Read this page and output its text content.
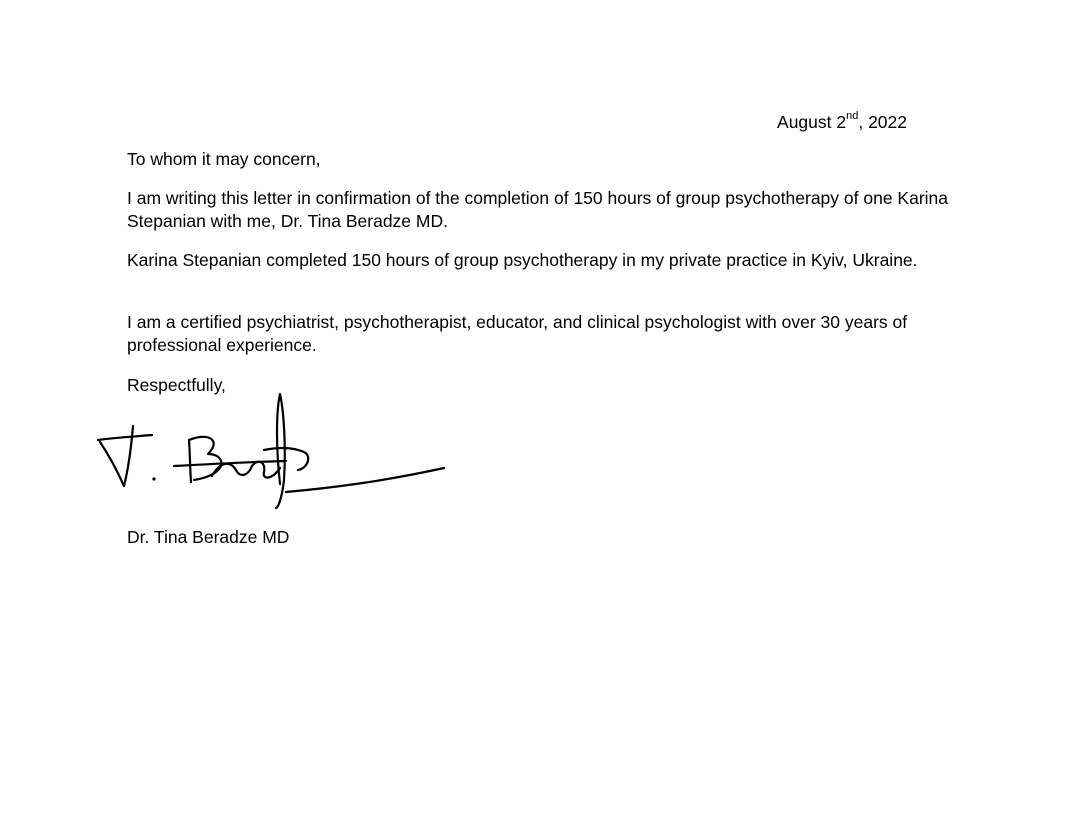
August 2nd, 2022
To whom it may concern,

I am writing this letter in confirmation of the completion of 150 hours of group psychotherapy of one Karina Stepanian with me, Dr. Tina Beradze MD.

Karina Stepanian completed 150 hours of group psychotherapy in my private practice in Kyiv, Ukraine.

I am a certified psychiatrist, psychotherapist, educator, and clinical psychologist with over 30 years of professional experience.

Respectfully,
Dr. Tina Beradze MD
